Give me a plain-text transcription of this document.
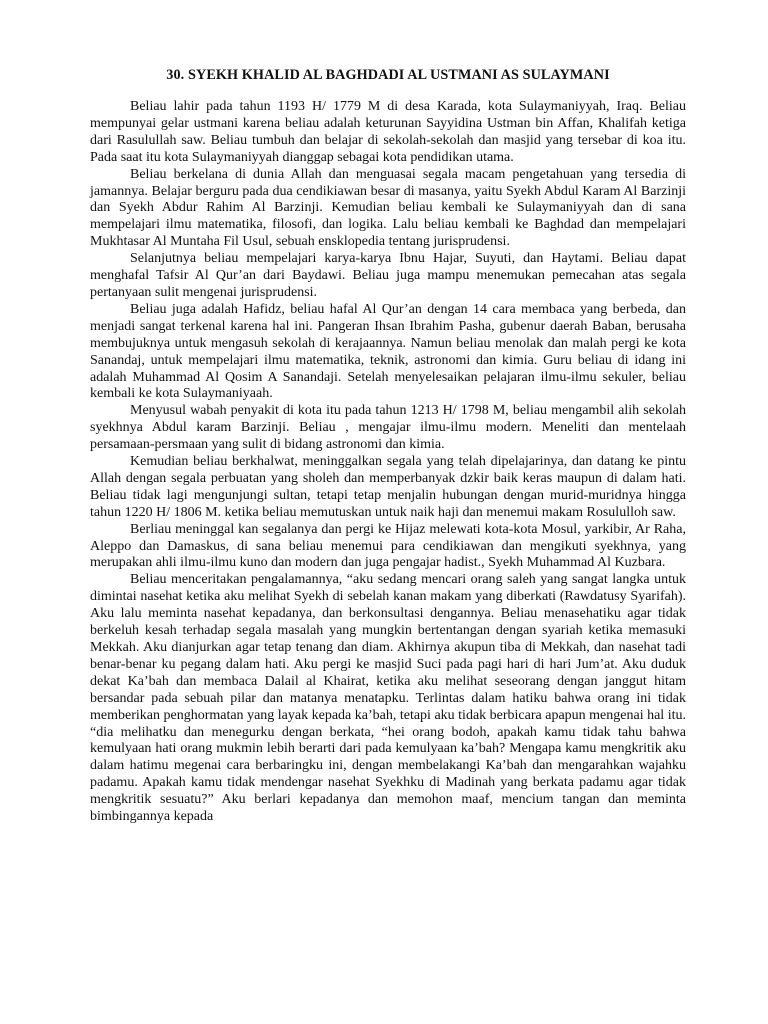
30. SYEKH KHALID AL BAGHDADI AL USTMANI AS SULAYMANI

Beliau lahir pada tahun 1193 H/ 1779 M di desa Karada, kota Sulaymaniyyah, Iraq. Beliau mempunyai gelar ustmani karena beliau adalah keturunan Sayyidina Ustman bin Affan, Khalifah ketiga dari Rasulullah saw. Beliau tumbuh dan belajar di sekolah-sekolah dan masjid yang tersebar di koa itu. Pada saat itu kota Sulaymaniyyah dianggap sebagai kota pendidikan utama.

Beliau berkelana di dunia Allah dan menguasai segala macam pengetahuan yang tersedia di jamannya. Belajar berguru pada dua cendikiawan besar di masanya, yaitu Syekh Abdul Karam Al Barzinji dan Syekh Abdur Rahim Al Barzinji. Kemudian beliau kembali ke Sulaymaniyyah dan di sana mempelajari ilmu matematika, filosofi, dan logika. Lalu beliau kembali ke Baghdad dan mempelajari Mukhtasar Al Muntaha Fil Usul, sebuah ensklopedia tentang jurisprudensi.

Selanjutnya beliau mempelajari karya-karya Ibnu Hajar, Suyuti, dan Haytami. Beliau dapat menghafal Tafsir Al Qur’an dari Baydawi. Beliau juga mampu menemukan pemecahan atas segala pertanyaan sulit mengenai jurisprudensi.

Beliau juga adalah Hafidz, beliau hafal Al Qur’an dengan 14 cara membaca yang berbeda, dan menjadi sangat terkenal karena hal ini. Pangeran Ihsan Ibrahim Pasha, gubenur daerah Baban, berusaha membujuknya untuk mengasuh sekolah di kerajaannya. Namun beliau menolak dan malah pergi ke kota Sanandaj, untuk mempelajari ilmu matematika, teknik, astronomi dan kimia. Guru beliau di idang ini adalah Muhammad Al Qosim A Sanandaji. Setelah menyelesaikan pelajaran ilmu-ilmu sekuler, beliau kembali ke kota Sulaymaniyaah.

Menyusul wabah penyakit di kota itu pada tahun 1213 H/ 1798 M, beliau mengambil alih sekolah syekhnya Abdul karam Barzinji. Beliau , mengajar ilmu-ilmu modern. Meneliti dan mentelaah persamaan-persmaan yang sulit di bidang astronomi dan kimia.

Kemudian beliau berkhalwat, meninggalkan segala yang telah dipelajarinya, dan datang ke pintu Allah dengan segala perbuatan yang sholeh dan memperbanyak dzkir baik keras maupun di dalam hati. Beliau tidak lagi mengunjungi sultan, tetapi tetap menjalin hubungan dengan murid-muridnya hingga tahun 1220 H/ 1806 M. ketika beliau memutuskan untuk naik haji dan menemui makam Rosululloh saw.

Berliau meninggal kan segalanya dan pergi ke Hijaz melewati kota-kota Mosul, yarkibir, Ar Raha, Aleppo dan Damaskus, di sana beliau menemui para cendikiawan dan mengikuti syekhnya, yang merupakan ahli ilmu-ilmu kuno dan modern dan juga pengajar hadist., Syekh Muhammad Al Kuzbara.

Beliau menceritakan pengalamannya, “aku sedang mencari orang saleh yang sangat langka untuk dimintai nasehat ketika aku melihat Syekh di sebelah kanan makam yang diberkati (Rawdatusy Syarifah). Aku lalu meminta nasehat kepadanya, dan berkonsultasi dengannya. Beliau menasehatiku agar tidak berkeluh kesah terhadap segala masalah yang mungkin bertentangan dengan syariah ketika memasuki Mekkah. Aku dianjurkan agar tetap tenang dan diam. Akhirnya akupun tiba di Mekkah, dan nasehat tadi benar-benar ku pegang dalam hati. Aku pergi ke masjid Suci pada pagi hari di hari Jum’at. Aku duduk dekat Ka’bah dan membaca Dalail al Khairat, ketika aku melihat seseorang dengan janggut hitam bersandar pada sebuah pilar dan matanya menatapku. Terlintas dalam hatiku bahwa orang ini tidak memberikan penghormatan yang layak kepada ka’bah, tetapi aku tidak berbicara apapun mengenai hal itu. “dia melihatku dan menegurku dengan berkata, “hei orang bodoh, apakah kamu tidak tahu bahwa kemulyaan hati orang mukmin lebih berarti dari pada kemulyaan ka’bah? Mengapa kamu mengkritik aku dalam hatimu megenai cara berbaringku ini, dengan membelakangi Ka’bah dan mengarahkan wajahku padamu. Apakah kamu tidak mendengar nasehat Syekhku di Madinah yang berkata padamu agar tidak mengkritik sesuatu?” Aku berlari kepadanya dan memohon maaf, mencium tangan dan meminta bimbingannya kepada
